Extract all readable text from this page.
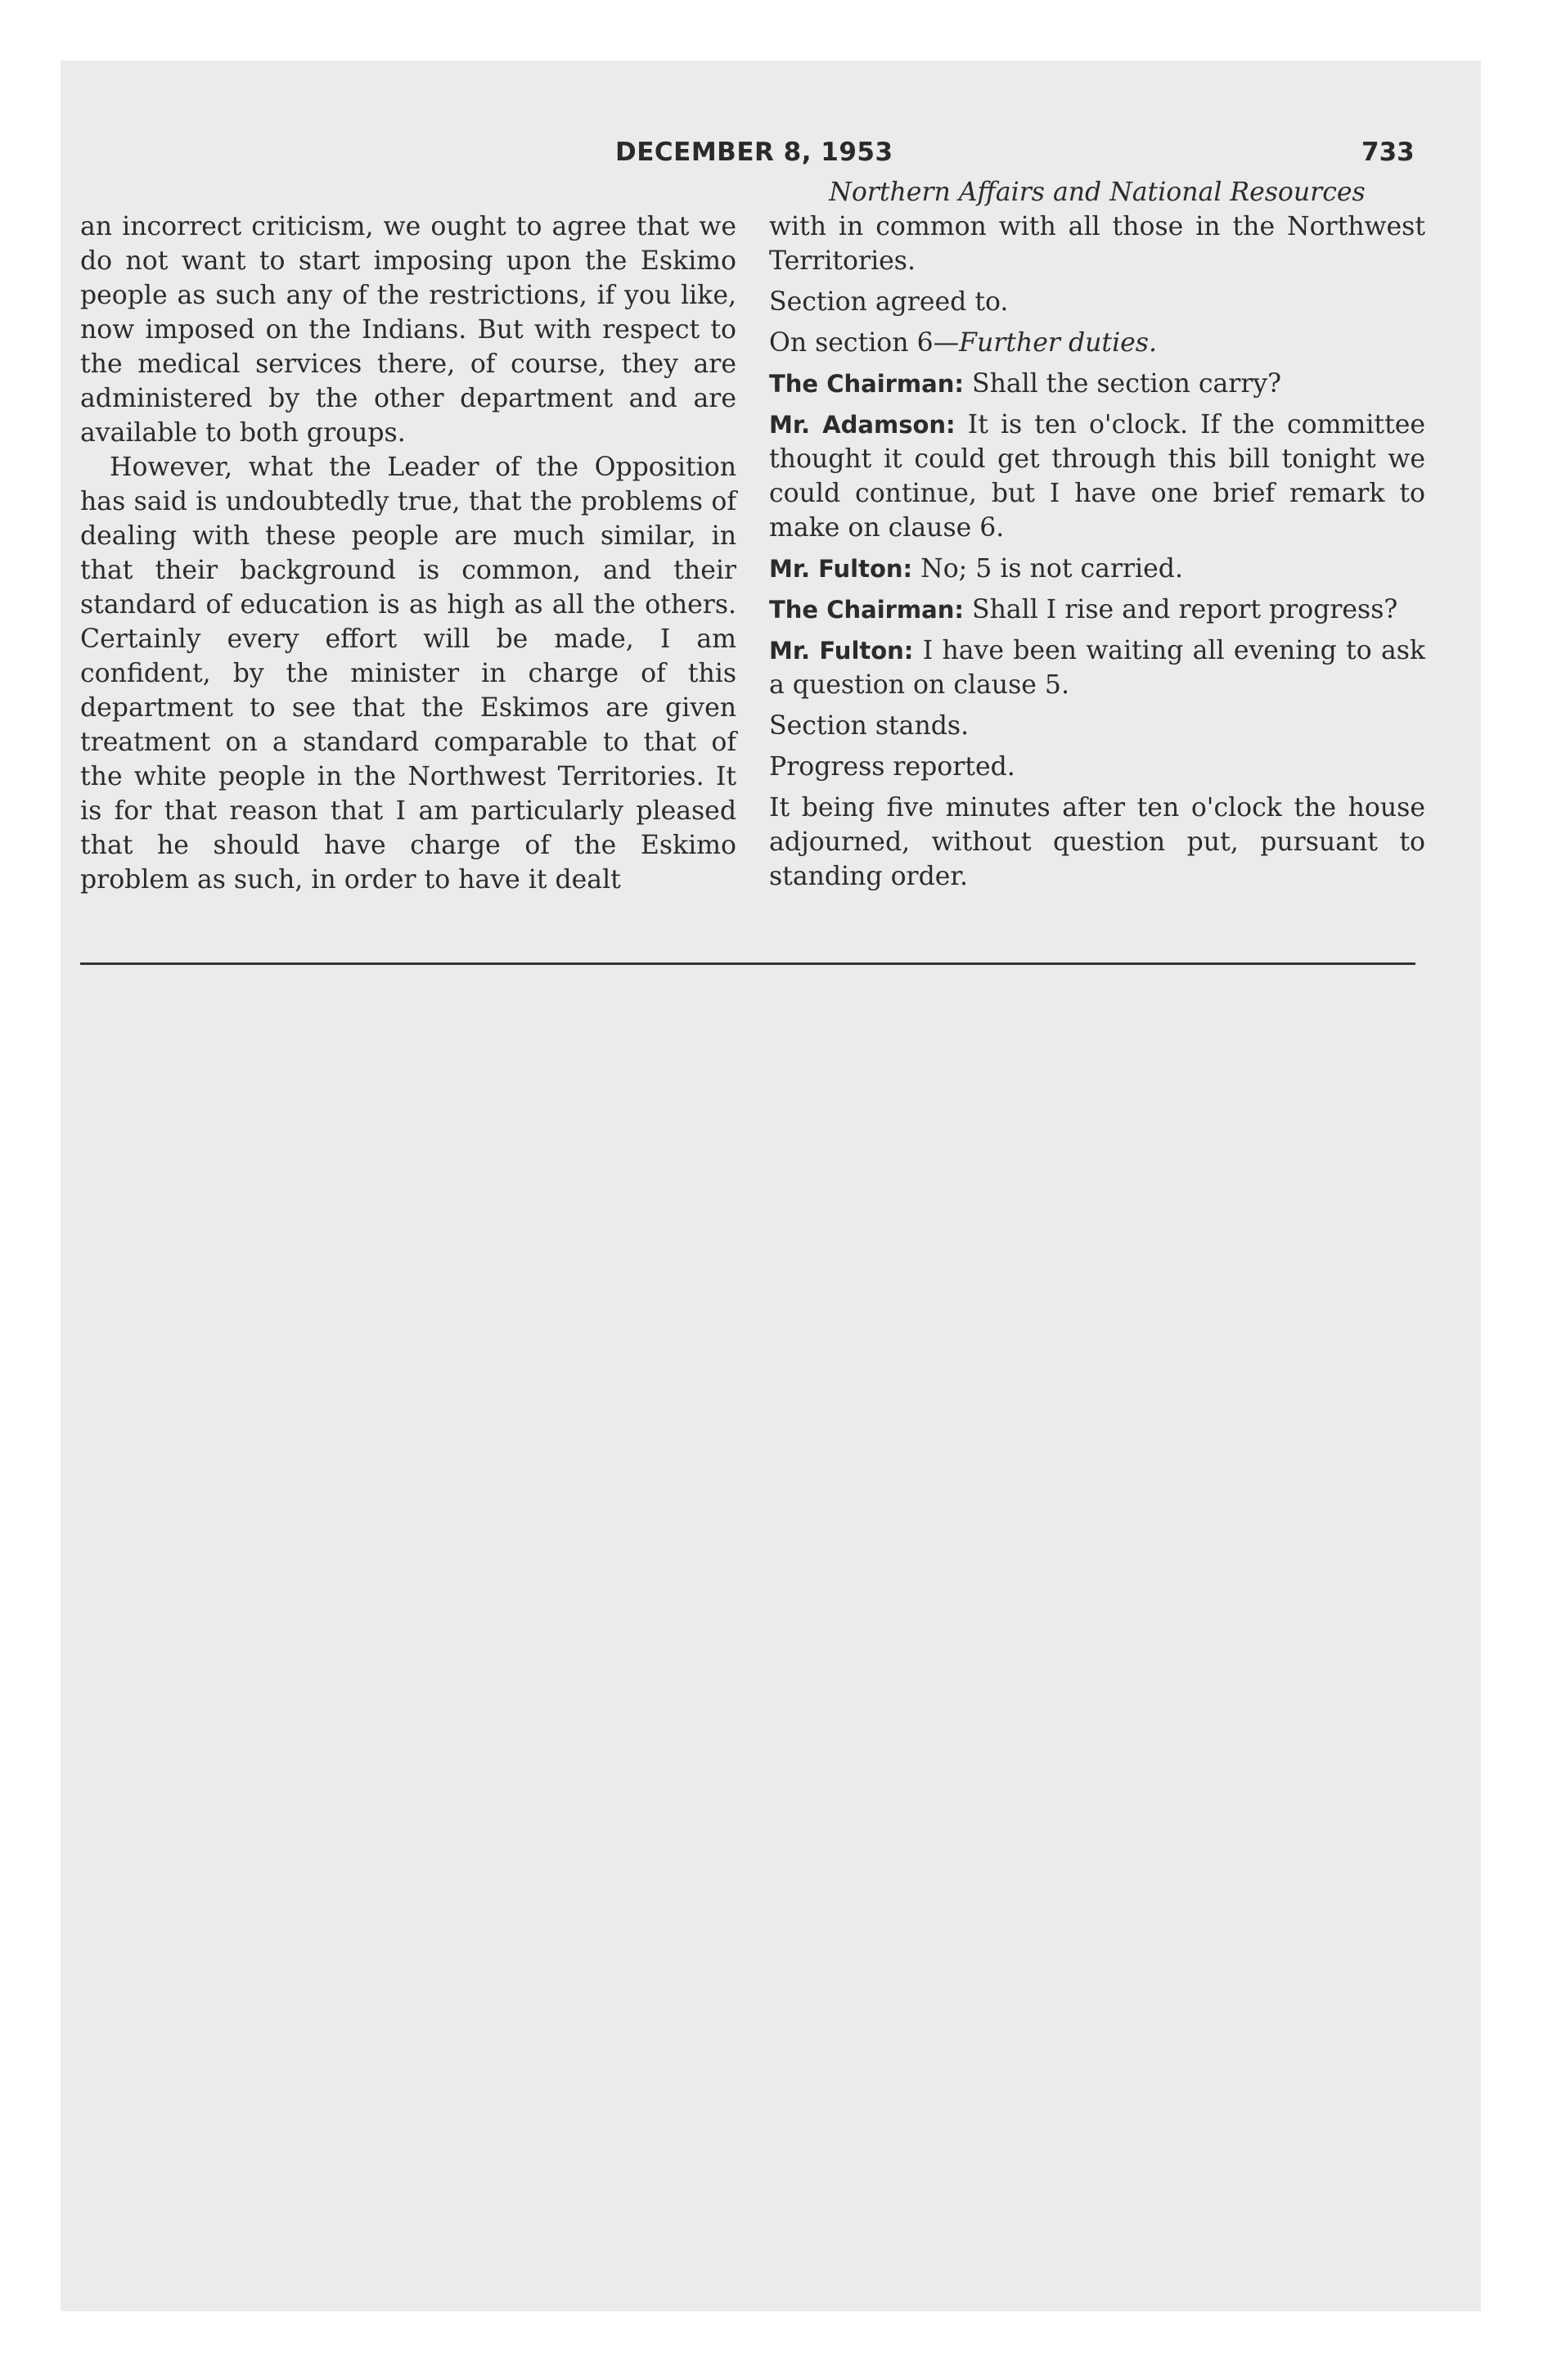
DECEMBER 8, 1953	733

an incorrect criticism, we ought to agree that we do not want to start imposing upon the Eskimo people as such any of the restrictions, if you like, now imposed on the Indians. But with respect to the medical services there, of course, they are administered by the other department and are available to both groups.

However, what the Leader of the Opposition has said is undoubtedly true, that the problems of dealing with these people are much similar, in that their background is common, and their standard of education is as high as all the others. Certainly every effort will be made, I am confident, by the minister in charge of this department to see that the Eskimos are given treatment on a standard comparable to that of the white people in the Northwest Territories. It is for that reason that I am particularly pleased that he should have charge of the Eskimo problem as such, in order to have it dealt

Northern Affairs and National Resources

with in common with all those in the Northwest Territories.

Section agreed to.

On section 6—Further duties.

The Chairman: Shall the section carry?

Mr. Adamson: It is ten o'clock. If the committee thought it could get through this bill tonight we could continue, but I have one brief remark to make on clause 6.

Mr. Fulton: No; 5 is not carried.

The Chairman: Shall I rise and report progress?

Mr. Fulton: I have been waiting all evening to ask a question on clause 5.

Section stands.

Progress reported.

It being five minutes after ten o'clock the house adjourned, without question put, pursuant to standing order.
